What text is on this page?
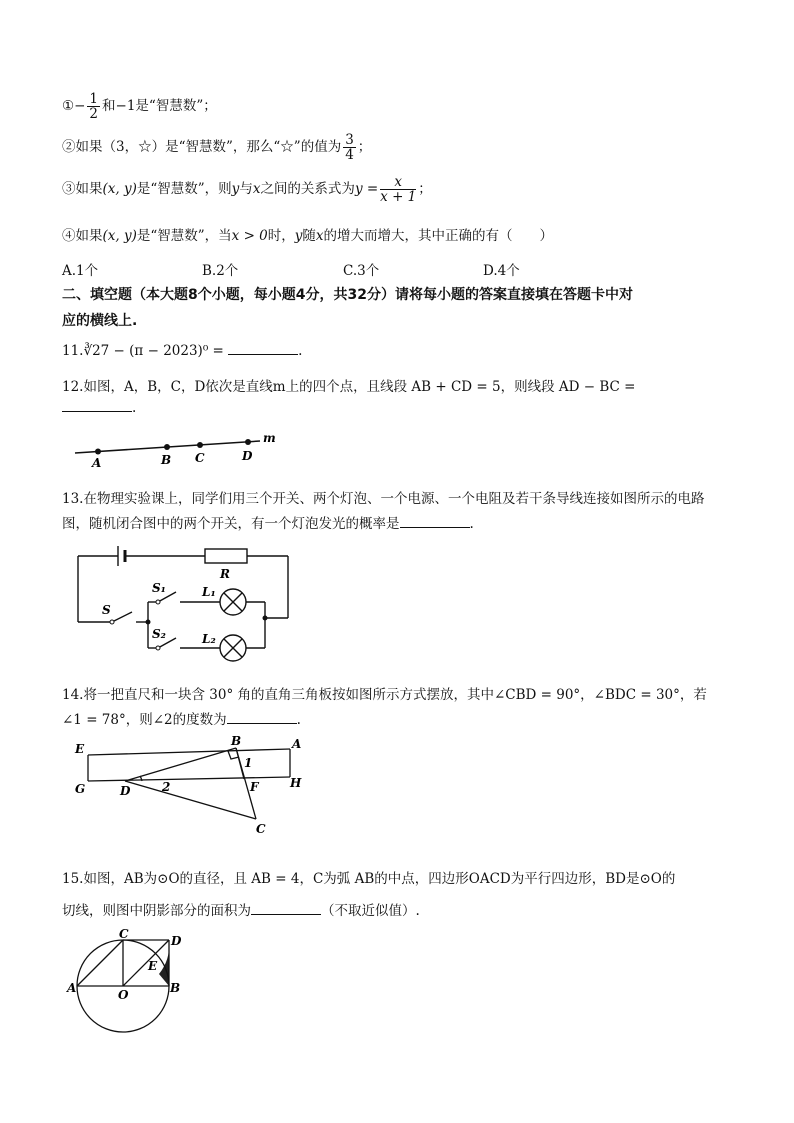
①− $\frac{1}{2}$ 和−1是“智慧数”；
②如果（3，☆）是“智慧数”，那么“☆”的值为 $\frac{3}{4}$ ；
③如果(x, y)是“智慧数”，则y与x之间的关系式为$y = \frac{x}{x + 1}$ ；
④如果(x, y)是“智慧数”，当x > 0时，y随x的增大而增大，其中正确的有（　　）
A.1个	B.2个	C.3个	D.4个
二、填空题（本大题8个小题，每小题4分，共32分）请将每小题的答案直接填在答题卡中对
应的横线上.
11.∛27 − (π − 2023)⁰ =	.
12.如图，A，B，C，D依次是直线m上的四个点，且线段 AB + CD = 5，则线段 AD − BC =
.
A	B C	D
m
13.在物理实验课上，同学们用三个开关、两个灯泡、一个电源、一个电阻及若干条导线连接如图所示的电路
图，随机闭合图中的两个开关，有一个灯泡发光的概率是	.
R
S
S₁	L₁
S₂	L₂
14.将一把直尺和一块含 30° 角的直角三角板按如图所示方式摆放，其中∠CBD = 90°，∠BDC = 30°，若
∠1 = 78°，则∠2的度数为	.
E	A
G	H
B
D	F
C
1
2
15.如图，AB为⊙O的直径，且 AB = 4，C为弧 AB的中点，四边形OACD为平行四边形，BD是⊙O的
切线，则图中阴影部分的面积为	（不取近似值）.
C	D
E
A	O	B
